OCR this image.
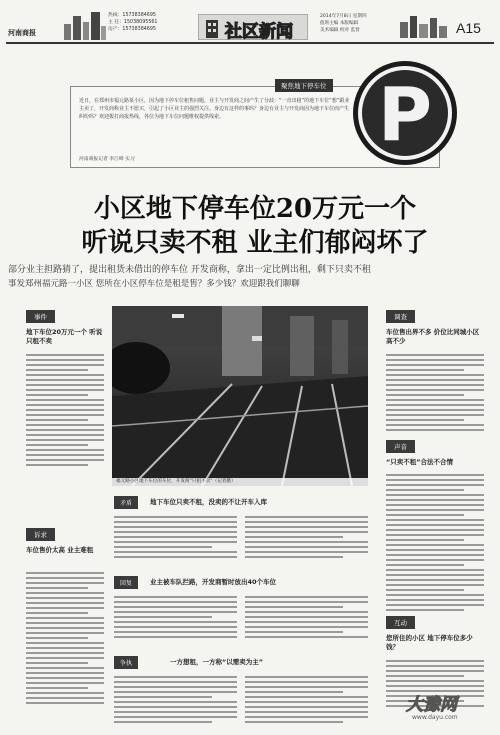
河南商报
热线：15738384695
主 任：15038095561
房产：15738384695	社区新闻
2014年7月8日 星期四
值班主编 本版编辑
美术编辑 校对 监督	A15
聚焦地下停车位
近日，在郑州市福元路某小区，因为地下停车位租售问题，业主与开发商之间产生了分歧：“一直出租”的地下车位“想”跟业主卖了，开发商称业主不愿买，引起了小区业主的强烈关注。身边有这样的事吗？身边有业主与开发商因为地下车位而产生纠纷吗？欢迎拨打商报热线，各位为地下车位问题维权提供线索。
河南商报记者 李江峰 实习
P
小区地下停车位20万元一个
听说只卖不租 业主们郁闷坏了
部分业主担路猜了，提出租货未借出的停车位 开发商称，拿出一定比例出租，剩下只卖不租
事发郑州福元路一小区 您所在小区停车位是租是售？多少钱？欢迎跟我们聊聊
事件
地下车位20万元一个 听说只租不卖
诉求
车位售价太高 业主难租
福元路小区地下车位的车位，开发商“只租不卖”（记者摄）
矛盾	地下车位只卖不租，没卖的不让开车入库
回复	业主被车队拦路，开发商暂时放出40个车位
争执	一方想租，一方称“以需卖为主”
调查
车位售出界不多 价位比同城小区高不少
声音
“只卖不租”合法不合情
互动
您所住的小区 地下停车位多少钱？
大豫网
www.dayu.com
